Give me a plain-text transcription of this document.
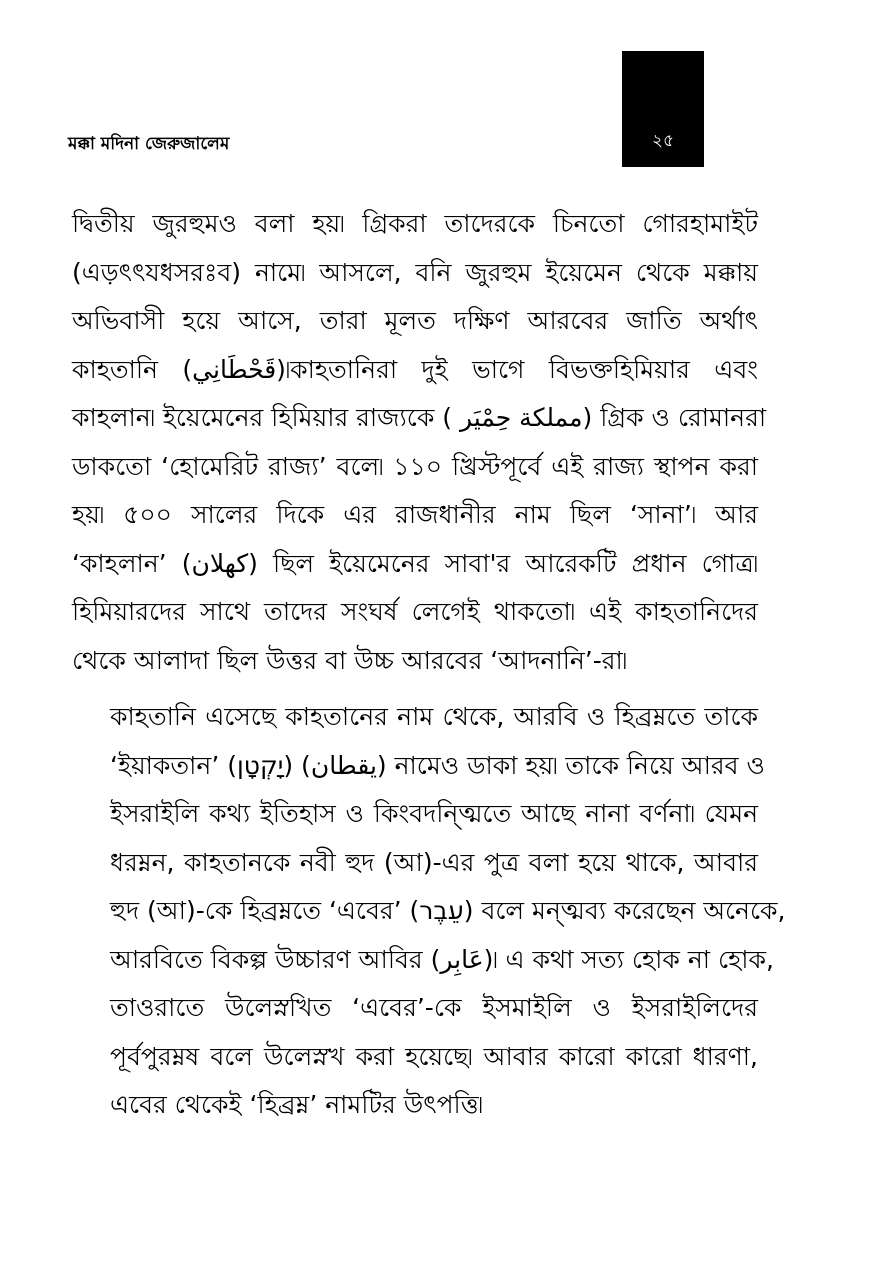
মক্কা মদিনা জেরুজালেম	২৫

দ্বিতীয় জুরহুমও বলা হয়৷ গ্রিকরা তাদেরকে চিনতো গোরহামাইট
(এড়ৎৎযধসরঃব) নামে৷ আসলে, বনি জুরহুম ইয়েমেন থেকে মক্কায়
অভিবাসী হয়ে আসে, তারা মূলত দক্ষিণ আরবের জাতি অর্থাৎ
কাহতানি (قَحْطَانِي)৷কাহতানিরা দুই ভাগে বিভক্তহিমিয়ার এবং
কাহলান৷ ইয়েমেনের হিমিয়ার রাজ্যকে ( مملكة حِمْيَر) গ্রিক ও রোমানরা
ডাকতো ‘হোমেরিট রাজ্য’ বলে৷ ১১০ খ্রিস্টপূর্বে এই রাজ্য স্থাপন করা
হয়৷ ৫০০ সালের দিকে এর রাজধানীর নাম ছিল ‘সানা’৷ আর
‘কাহলান’ (كهلان) ছিল ইয়েমেনের সাবা'র আরেকটি প্রধান গোত্র৷
হিমিয়ারদের সাথে তাদের সংঘর্ষ লেগেই থাকতো৷ এই কাহতানিদের
থেকে আলাদা ছিল উত্তর বা উচ্চ আরবের ‘আদনানি’-রা৷

কাহতানি এসেছে কাহতানের নাম থেকে, আরবি ও হিব্রম্নতে তাকে
‘ইয়াকতান’ (יָקְטָן) (يقطان) নামেও ডাকা হয়৷ তাকে নিয়ে আরব ও
ইসরাইলি কথ্য ইতিহাস ও কিংবদন্ত্মিতে আছে নানা বর্ণনা৷ যেমন
ধরম্নন, কাহতানকে নবী হুদ (আ)-এর পুত্র বলা হয়ে থাকে, আবার
হুদ (আ)-কে হিব্রম্নতে ‘এবের’ (עֵבֶר) বলে মন্ত্মব্য করেছেন অনেকে,
আরবিতে বিকল্প উচ্চারণ আবির (عَابِر)৷ এ কথা সত্য হোক না হোক,
তাওরাতে উলেস্নখিত ‘এবের’-কে ইসমাইলি ও ইসরাইলিদের
পূর্বপুরম্নষ বলে উলেস্নখ করা হয়েছে৷ আবার কারো কারো ধারণা,
এবের থেকেই ‘হিব্রম্ন’ নামটির উৎপত্তি৷
